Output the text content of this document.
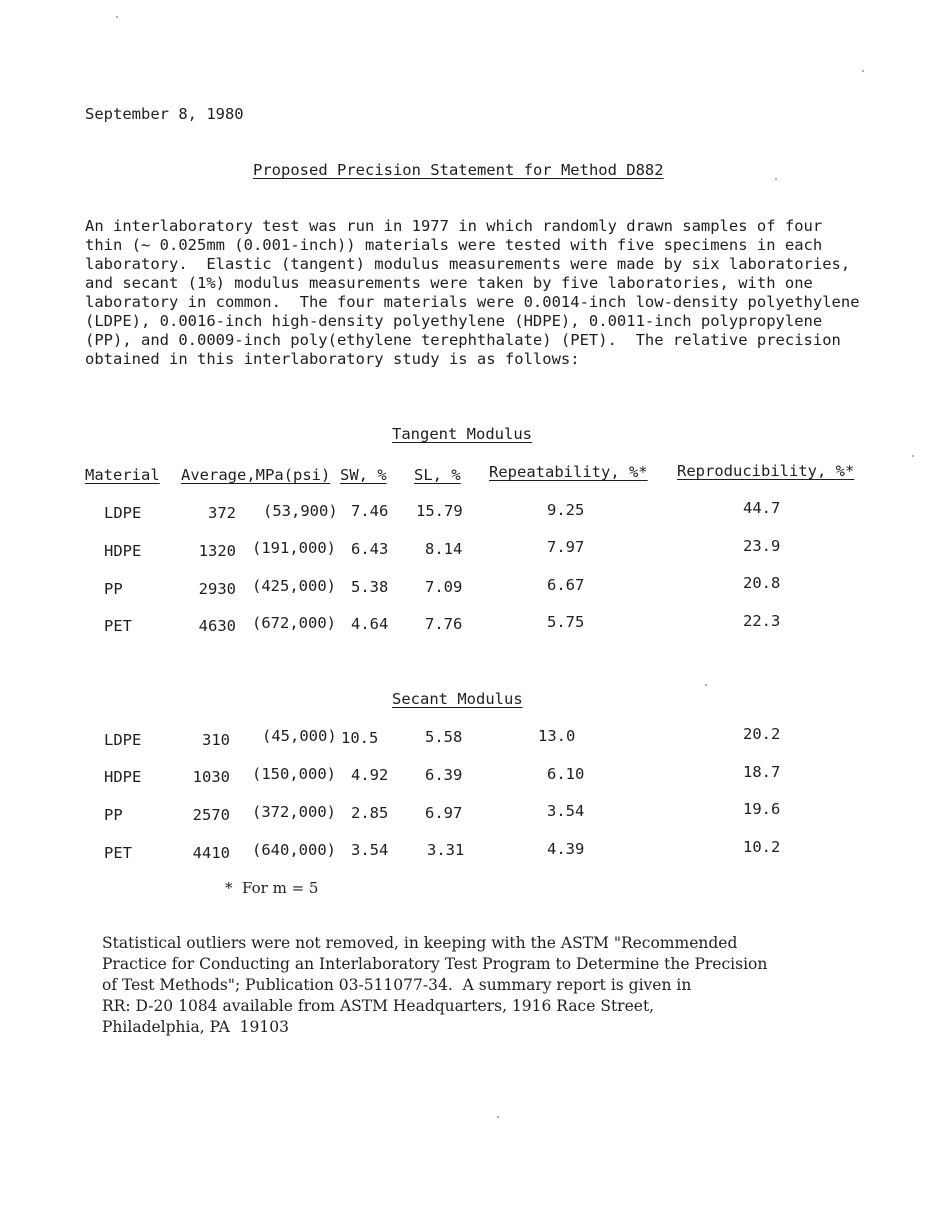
September 8, 1980
Proposed Precision Statement for Method D882
An interlaboratory test was run in 1977 in which randomly drawn samples of four
thin (~ 0.025mm (0.001-inch)) materials were tested with five specimens in each
laboratory.  Elastic (tangent) modulus measurements were made by six laboratories,
and secant (1%) modulus measurements were taken by five laboratories, with one
laboratory in common.  The four materials were 0.0014-inch low-density polyethylene
(LDPE), 0.0016-inch high-density polyethylene (HDPE), 0.0011-inch polypropylene
(PP), and 0.0009-inch poly(ethylene terephthalate) (PET).  The relative precision
obtained in this interlaboratory study is as follows:
Tangent Modulus
Material Average,MPa(psi) SW, % SL, % Repeatability, %* Reproducibility, %*
LDPE	372 (53,900) 7.46 15.79	9.25	44.7
HDPE	1320 (191,000) 6.43 8.14	7.97	23.9
PP	2930 (425,000) 5.38 7.09	6.67	20.8
PET	4630 (672,000) 4.64 7.76	5.75	22.3
Secant Modulus
LDPE	310 (45,000) 10.5	5.58	13.0	20.2
HDPE	1030 (150,000) 4.92 6.39	6.10	18.7
PP	2570 (372,000) 2.85 6.97	3.54	19.6
PET	4410 (640,000) 3.54 3.31	4.39	10.2
*  For m = 5
Statistical outliers were not removed, in keeping with the ASTM "Recommended
Practice for Conducting an Interlaboratory Test Program to Determine the Precision
of Test Methods"; Publication 03-511077-34.  A summary report is given in
RR: D-20 1084 available from ASTM Headquarters, 1916 Race Street,
Philadelphia, PA  19103
